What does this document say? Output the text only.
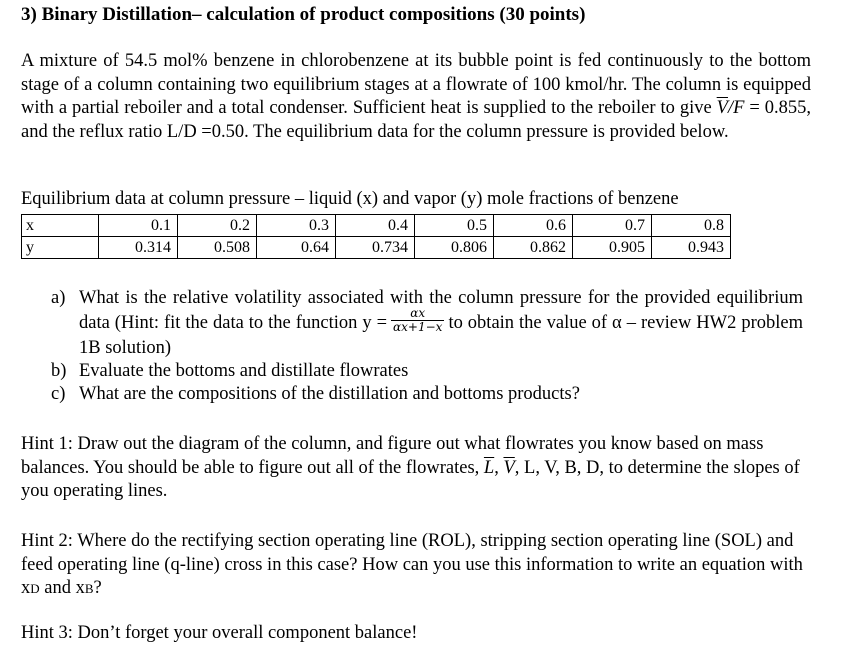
3) Binary Distillation– calculation of product compositions (30 points)
A mixture of 54.5 mol% benzene in chlorobenzene at its bubble point is fed continuously to the bottom stage of a column containing two equilibrium stages at a flowrate of 100 kmol/hr. The column is equipped with a partial reboiler and a total condenser. Sufficient heat is supplied to the reboiler to give $\overline{V}/F = 0.855$, and the reflux ratio L/D =0.50. The equilibrium data for the column pressure is provided below.
Equilibrium data at column pressure – liquid (x) and vapor (y) mole fractions of benzene
x	0.1	0.2	0.3	0.4	0.5	0.6	0.7	0.8
y	0.314	0.508	0.64	0.734	0.806	0.862	0.905	0.943
a) What is the relative volatility associated with the column pressure for the provided equilibrium data (Hint: fit the data to the function $y = \frac{\alpha x}{\alpha x+1-x}$ to obtain the value of α – review HW2 problem 1B solution)
b) Evaluate the bottoms and distillate flowrates
c) What are the compositions of the distillation and bottoms products?
Hint 1: Draw out the diagram of the column, and figure out what flowrates you know based on mass balances. You should be able to figure out all of the flowrates, $\overline{L}$, $\overline{V}$, L, V, B, D, to determine the slopes of you operating lines.
Hint 2: Where do the rectifying section operating line (ROL), stripping section operating line (SOL) and feed operating line (q-line) cross in this case? How can you use this information to write an equation with xD and xB?
Hint 3: Don’t forget your overall component balance!
